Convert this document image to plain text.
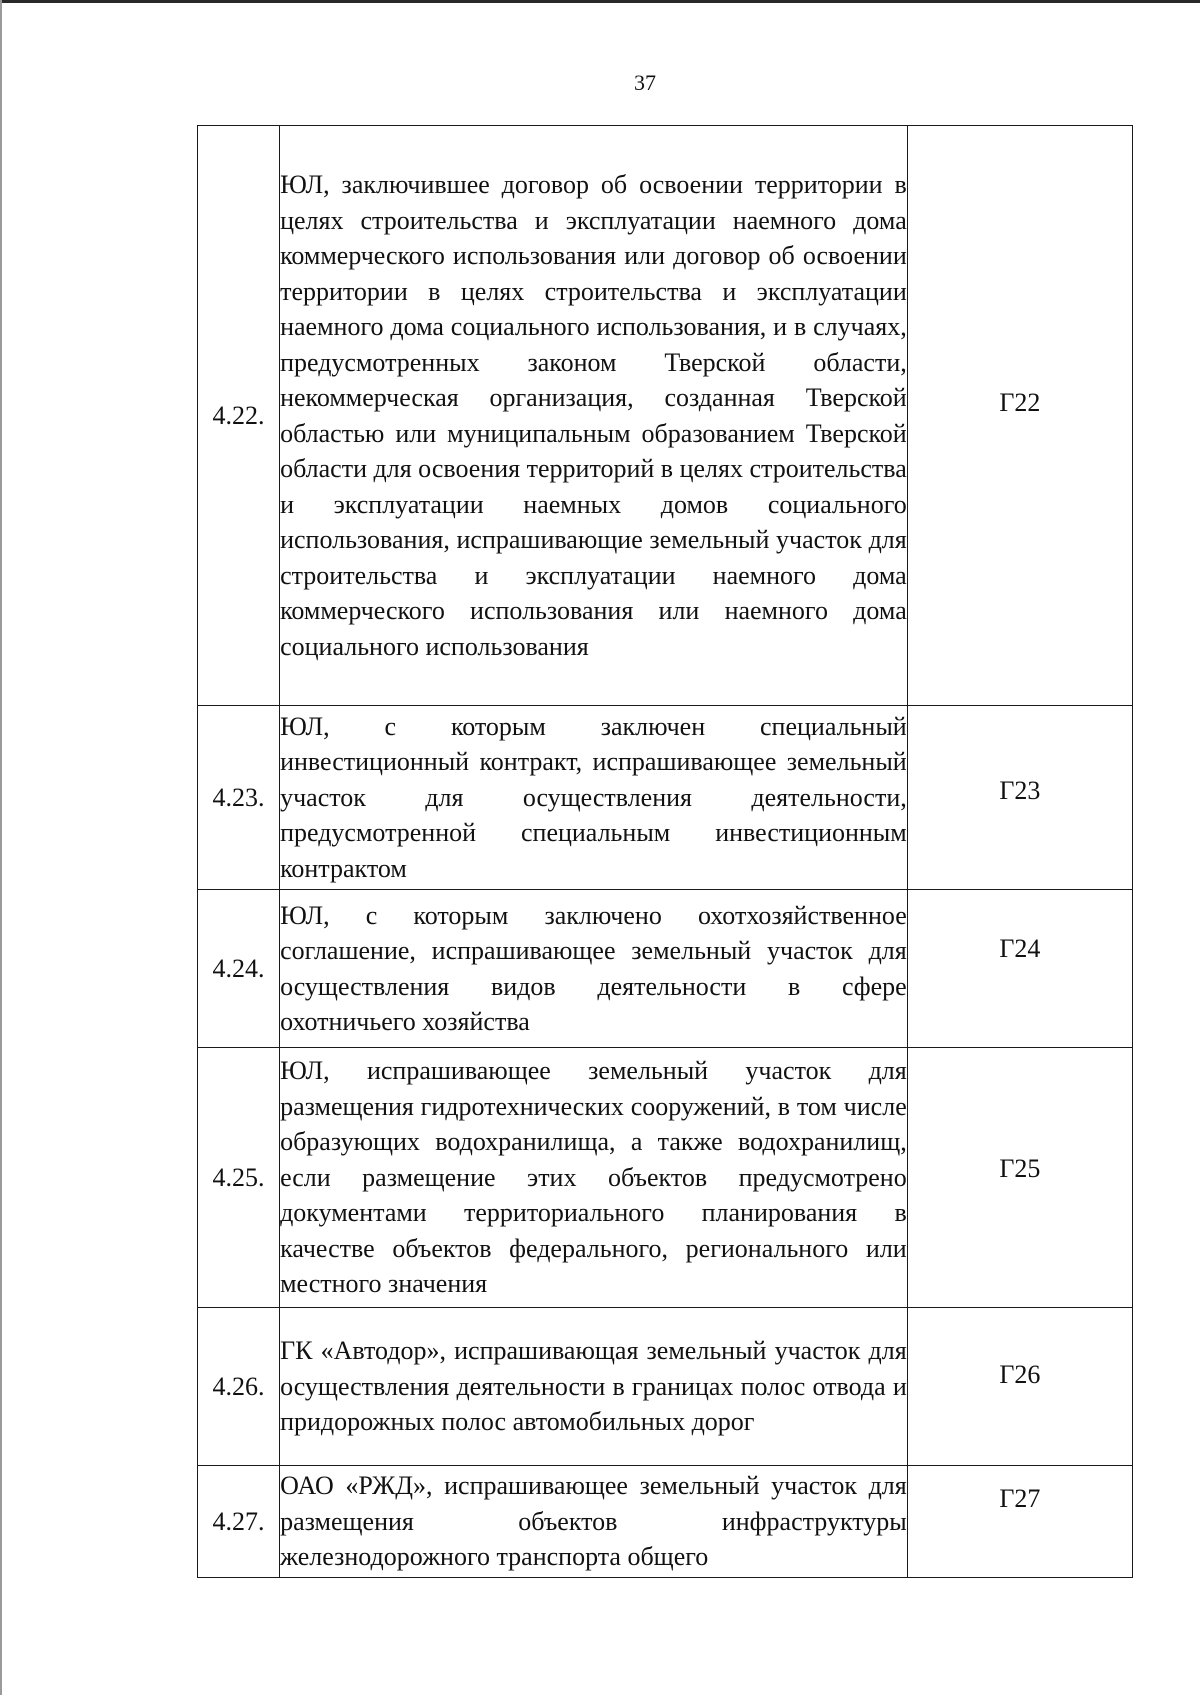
37
4.22.	ЮЛ, заключившее договор об освоении территории в целях строительства и эксплуатации наемного дома коммерческого использования или договор об освоении территории в целях строительства и эксплуатации наемного дома социального использования, и в случаях, предусмотренных законом Тверской области, некоммерческая организация, созданная Тверской областью или муниципальным образованием Тверской области для освоения территорий в целях строительства и эксплуатации наемных домов социального использования, испрашивающие земельный участок для строительства и эксплуатации наемного дома коммерческого использования или наемного дома социального использования	Г22
4.23.	ЮЛ, с которым заключен специальный инвестиционный контракт, испрашивающее земельный участок для осуществления деятельности, предусмотренной специальным инвестиционным контрактом	Г23
4.24.	ЮЛ, с которым заключено охотхозяйственное соглашение, испрашивающее земельный участок для осуществления видов деятельности в сфере охотничьего хозяйства	Г24
4.25.	ЮЛ, испрашивающее земельный участок для размещения гидротехнических сооружений, в том числе образующих водохранилища, а также водохранилищ, если размещение этих объектов предусмотрено документами территориального планирования в качестве объектов федерального, регионального или местного значения	Г25
4.26.	ГК «Автодор», испрашивающая земельный участок для осуществления деятельности в границах полос отвода и придорожных полос автомобильных дорог	Г26
4.27.	ОАО «РЖД», испрашивающее земельный участок для размещения объектов инфраструктуры железнодорожного транспорта общего	Г27
